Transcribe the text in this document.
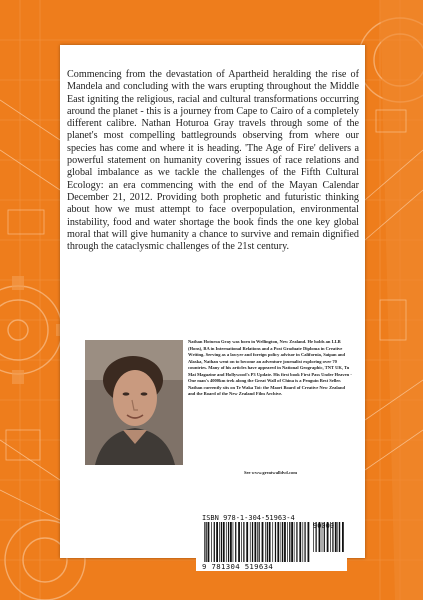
Commencing from the devastation of Apartheid heralding the rise of Mandela and concluding with the wars erupting throughout the Middle East igniting the religious, racial and cultural transformations occurring around the planet - this is a journey from Cape to Cairo of a completely different calibre. Nathan Hoturoa Gray travels through some of the planet's most compelling battlegrounds observing from where our species has come and where it is heading. 'The Age of Fire' delivers a powerful statement on humanity covering issues of race relations and global imbalance as we tackle the challenges of the Fifth Cultural Ecology: an era commencing with the end of the Mayan Calendar December 21, 2012. Providing both prophetic and futuristic thinking about how we must attempt to face overpopulation, environmental instability, food and water shortage the book finds the one key global moral that will give humanity a chance to survive and remain dignified through the cataclysmic challenges of the 21st century.

Nathan Hoturoa Gray was born in Wellington, New Zealand. He holds an LLB (Hons), BA in International Relations and a Post Graduate Diploma in Creative Writing. Serving as a lawyer and foreign policy advisor in California, Saipan and Alaska, Nathan went on to become an adventure journalist exploring over 70 countries. Many of his articles have appeared in National Geographic, TNT UK, Tu Mai Magazine and Hollywood's P3 Update. His first book First Pass Under Heaven - One man's 4000km trek along the Great Wall of China is a Penguin Best Seller. Nathan currently sits on Te Waka Toi: the Maori Board of Creative New Zealand and the Board of the New Zealand Film Archive.

See www.greatwalldvd.com

ISBN 978-1-304-51963-4
9 781304 519634
90000
